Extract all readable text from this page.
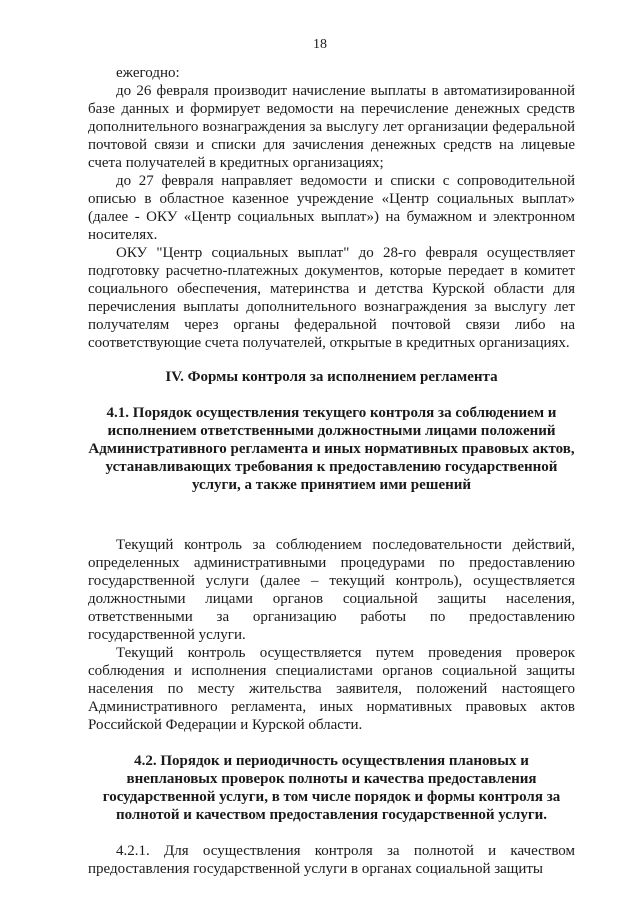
18

ежегодно:

до 26 февраля производит начисление выплаты в автоматизированной базе данных и формирует ведомости на перечисление денежных средств дополнительного вознаграждения за выслугу лет организации федеральной почтовой связи и списки для зачисления денежных средств на лицевые счета получателей в кредитных организациях;

до 27 февраля направляет ведомости и списки с сопроводительной описью в областное казенное учреждение «Центр социальных выплат» (далее - ОКУ «Центр социальных выплат») на бумажном и электронном носителях.

ОКУ "Центр социальных выплат" до 28-го февраля осуществляет подготовку расчетно-платежных документов, которые передает в комитет социального обеспечения, материнства и детства Курской области для перечисления выплаты дополнительного вознаграждения за выслугу лет получателям через органы федеральной почтовой связи либо на соответствующие счета получателей, открытые в кредитных организациях.

IV. Формы контроля за исполнением регламента
4.1. Порядок осуществления текущего контроля за соблюдением и исполнением ответственными должностными лицами положений Административного регламента и иных нормативных правовых актов, устанавливающих требования к предоставлению государственной услуги, а также принятием ими решений

Текущий контроль за соблюдением последовательности действий, определенных административными процедурами по предоставлению государственной услуги (далее – текущий контроль), осуществляется должностными лицами органов социальной защиты населения, ответственными за организацию работы по предоставлению государственной услуги.

Текущий контроль осуществляется путем проведения проверок соблюдения и исполнения специалистами органов социальной защиты населения по месту жительства заявителя, положений настоящего Административного регламента, иных нормативных правовых актов Российской Федерации и Курской области.

4.2. Порядок и периодичность осуществления плановых и внеплановых проверок полноты и качества предоставления государственной услуги, в том числе порядок и формы контроля за полнотой и качеством предоставления государственной услуги.

4.2.1. Для осуществления контроля за полнотой и качеством предоставления государственной услуги в органах социальной защиты
